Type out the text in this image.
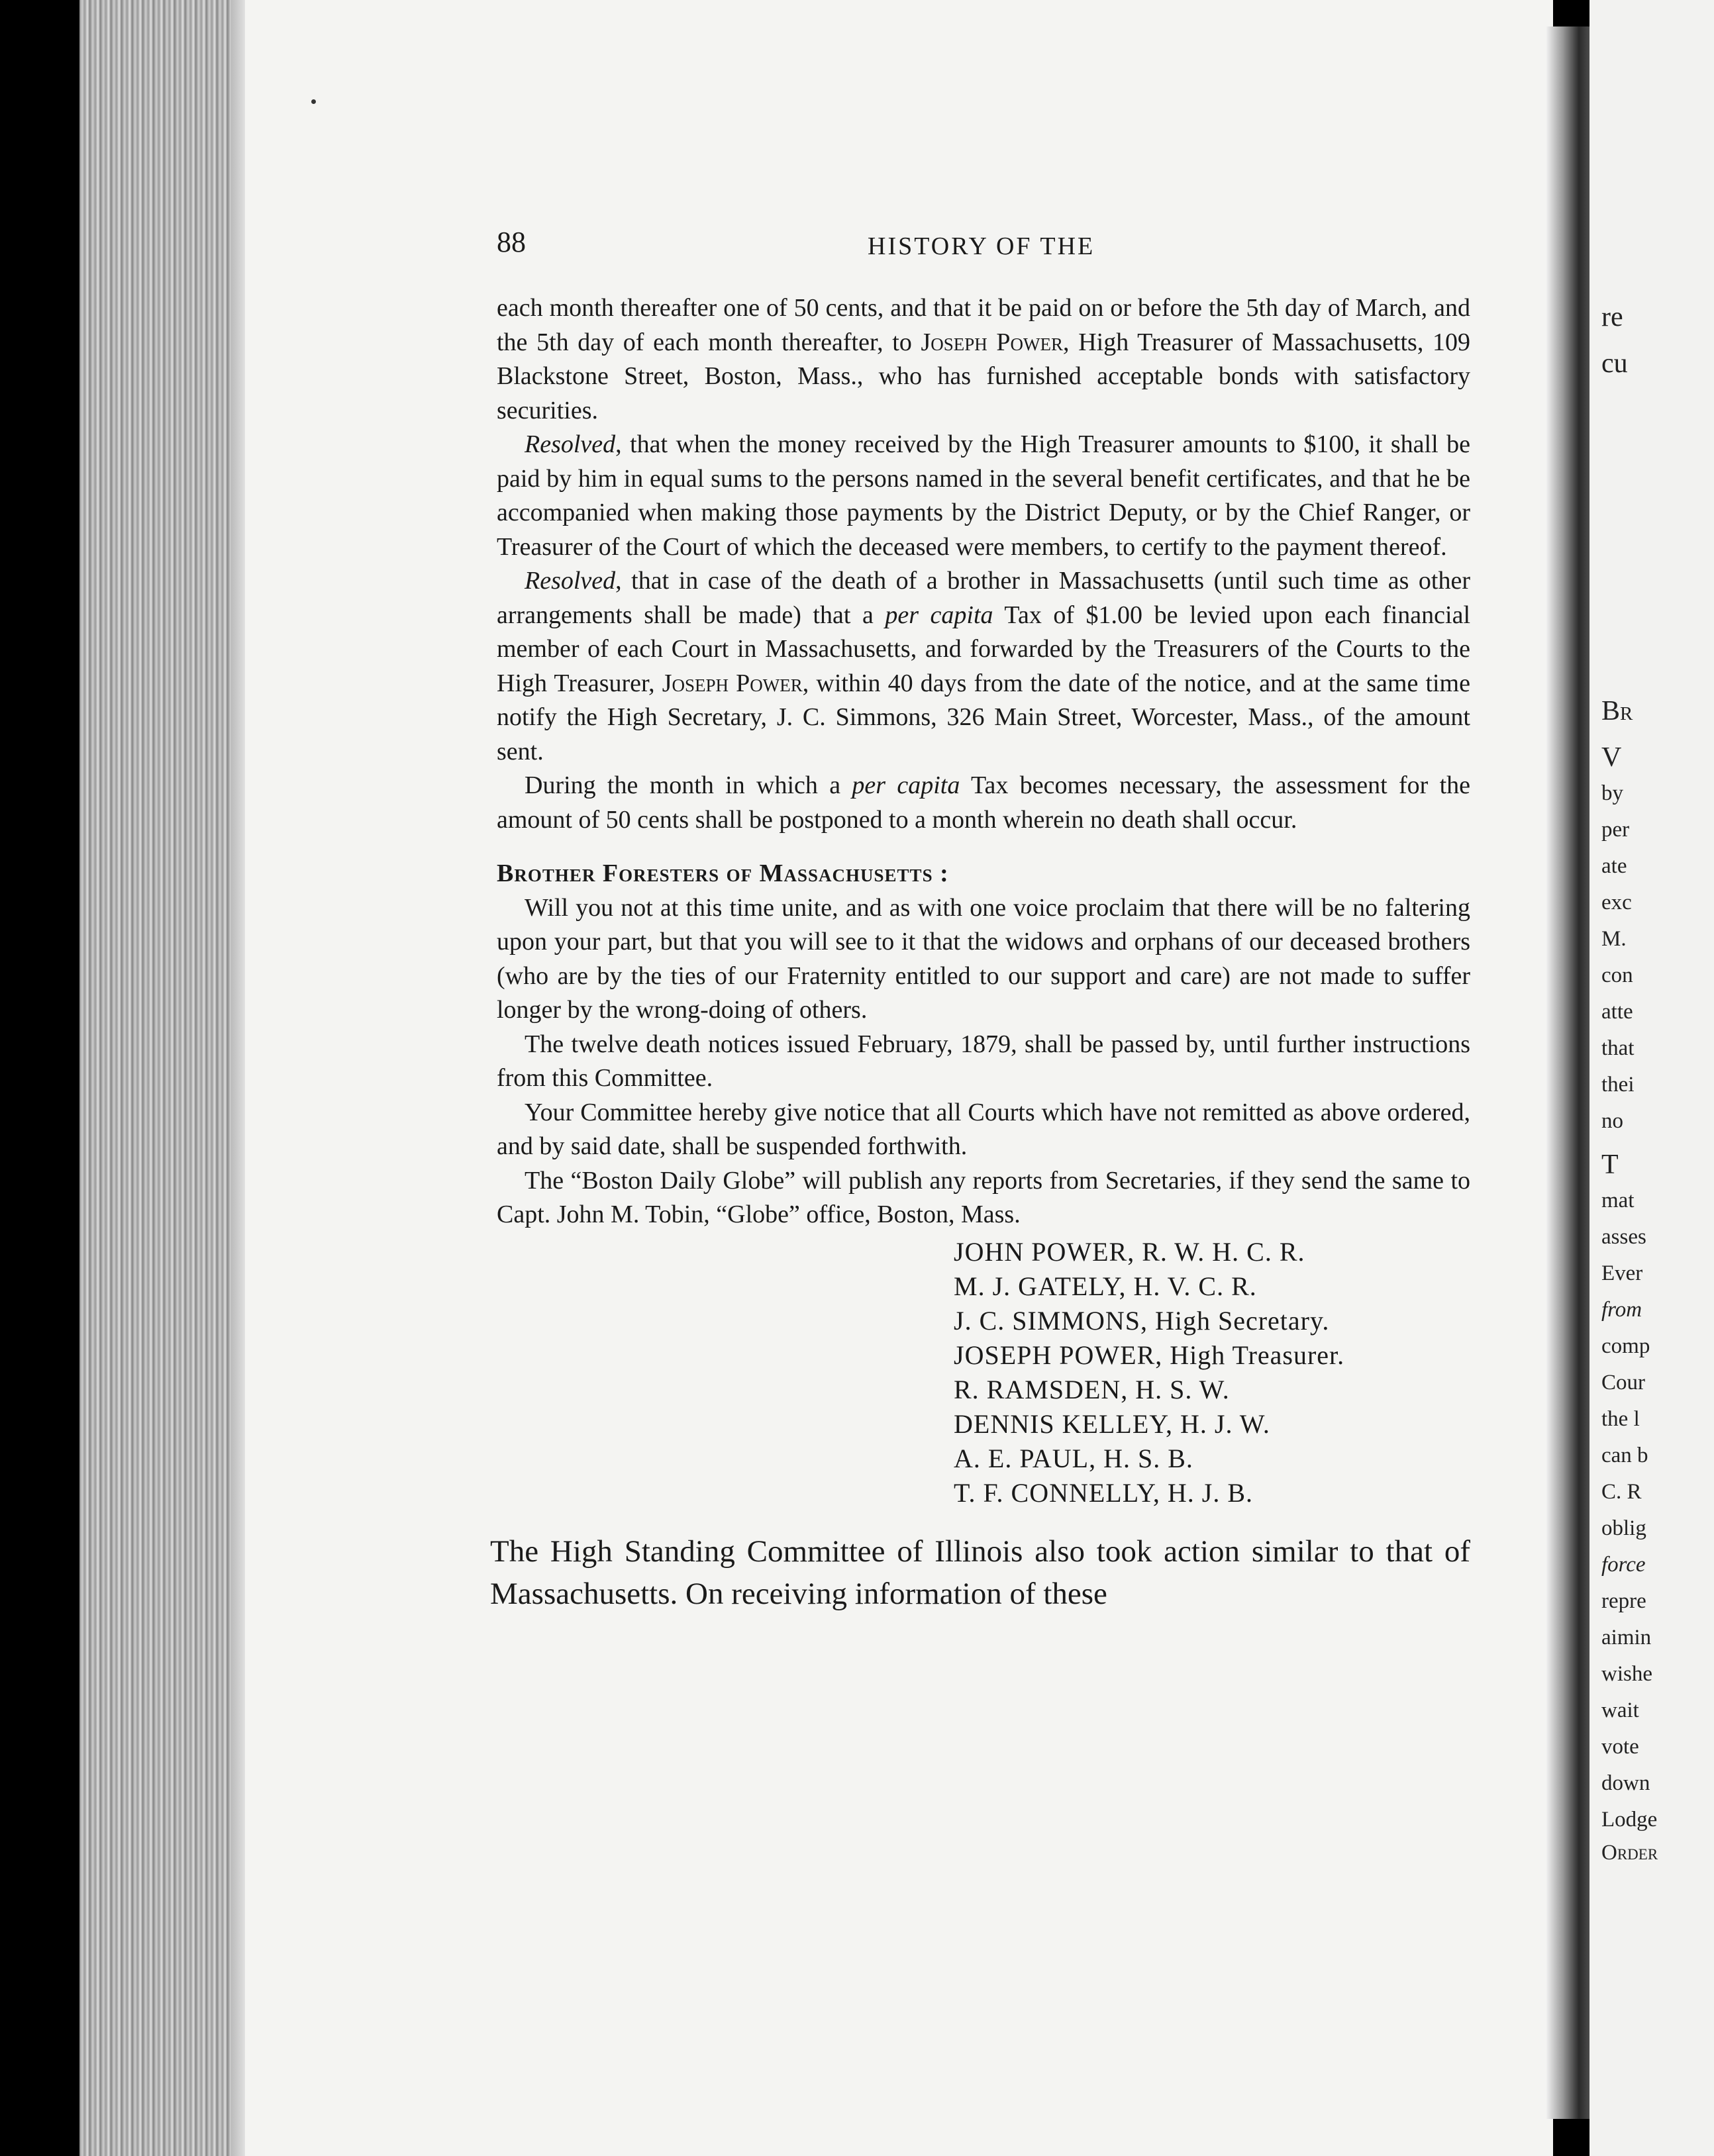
re
cu
Br
V
by
per
ate
exc
M.
con
atte
that
thei
no
T
mat
asses
Ever
from
comp
Cour
the l
can b
C. R
oblig
force
repre
aimin
wishe
wait
vote
down
Lodge
Order
88	HISTORY OF THE

each month thereafter one of 50 cents, and that it be paid on or before the 5th day of March, and the 5th day of each month thereafter, to Joseph Power, High Treasurer of Massachusetts, 109 Blackstone Street, Boston, Mass., who has furnished acceptable bonds with satisfactory securities.

Resolved, that when the money received by the High Treasurer amounts to $100, it shall be paid by him in equal sums to the persons named in the several benefit certificates, and that he be accompanied when making those payments by the District Deputy, or by the Chief Ranger, or Treasurer of the Court of which the deceased were members, to certify to the payment thereof.

Resolved, that in case of the death of a brother in Massachusetts (until such time as other arrangements shall be made) that a per capita Tax of $1.00 be levied upon each financial member of each Court in Massachusetts, and forwarded by the Treasurers of the Courts to the High Treasurer, Joseph Power, within 40 days from the date of the notice, and at the same time notify the High Secretary, J. C. Simmons, 326 Main Street, Worcester, Mass., of the amount sent.

During the month in which a per capita Tax becomes necessary, the assessment for the amount of 50 cents shall be postponed to a month wherein no death shall occur.

Brother Foresters of Massachusetts :

Will you not at this time unite, and as with one voice proclaim that there will be no faltering upon your part, but that you will see to it that the widows and orphans of our deceased brothers (who are by the ties of our Fraternity entitled to our support and care) are not made to suffer longer by the wrong-doing of others.

The twelve death notices issued February, 1879, shall be passed by, until further instructions from this Committee.

Your Committee hereby give notice that all Courts which have not remitted as above ordered, and by said date, shall be suspended forthwith.

The “Boston Daily Globe” will publish any reports from Secretaries, if they send the same to Capt. John M. Tobin, “Globe” office, Boston, Mass.

JOHN POWER, R. W. H. C. R.
M. J. GATELY, H. V. C. R.
J. C. SIMMONS, High Secretary.
JOSEPH POWER, High Treasurer.
R. RAMSDEN, H. S. W.
DENNIS KELLEY, H. J. W.
A. E. PAUL, H. S. B.
T. F. CONNELLY, H. J. B.
The High Standing Committee of Illinois also took action similar to that of Massachusetts. On receiving information of these
